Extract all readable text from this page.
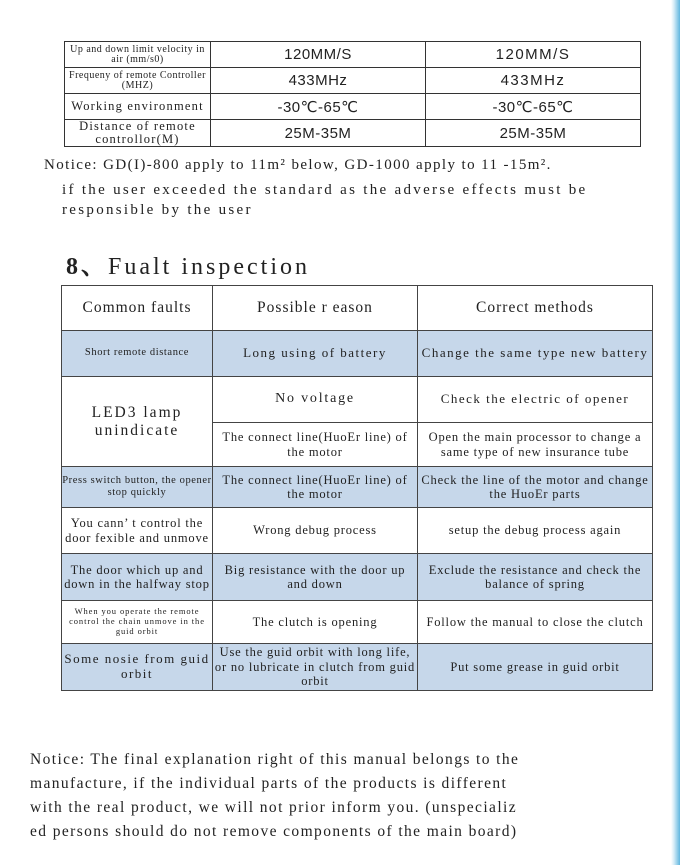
Up and down limit velocity in air (mm/s0)	120MM/S	120MM/S
Frequeny of remote Controller (MHZ)	433MHz	433MHz
Working environment	-30℃-65℃	-30℃-65℃
Distance of remote controllor(M)	25M-35M	25M-35M
Notice: GD(I)-800 apply to 11m² below, GD-1000 apply to 11 -15m².
if the user exceeded the standard as the adverse effects must be
responsible by the user
8、Fualt inspection
Common faults	Possible r eason	Correct methods
Short remote distance	Long using of battery	Change the same type new battery
LED3 lamp unindicate	No voltage	Check the electric of opener
	The connect line(HuoEr line) of the motor	Open the main processor to change a same type of new insurance tube
Press switch button, the opener stop quickly	The connect line(HuoEr line) of the motor	Check the line of the motor and change the HuoEr parts
You cann’ t control the door fexible and unmove	Wrong debug process	setup the debug process again
The door which up and down in the halfway stop	Big resistance with the door up and down	Exclude the resistance and check the balance of spring
When you operate the remote control the chain unmove in the guid orbit	The clutch is opening	Follow the manual to close the clutch
Some nosie from guid orbit	Use the guid orbit with long life, or no lubricate in clutch from guid orbit	Put some grease in guid orbit
Notice: The final explanation right of this manual belongs to the
manufacture, if the individual parts of the products is different
with the real product, we will not prior inform you. (unspecializ
ed persons should do not remove components of the main board)
